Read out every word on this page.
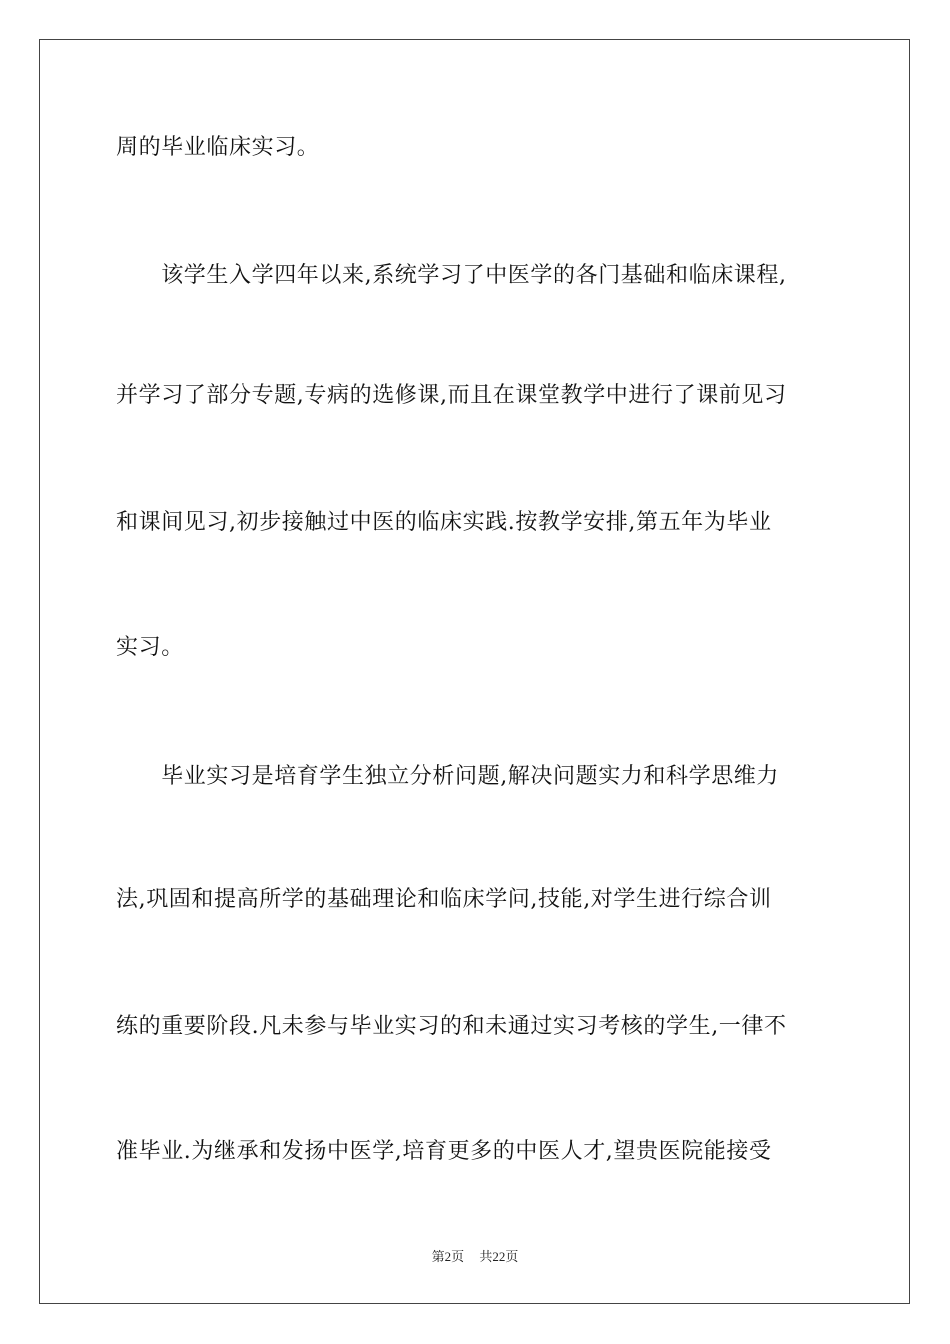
周的毕业临床实习。

　　该学生入学四年以来,系统学习了中医学的各门基础和临床课程,

并学习了部分专题,专病的选修课,而且在课堂教学中进行了课前见习

和课间见习,初步接触过中医的临床实践.按教学安排,第五年为毕业

实习。

　　毕业实习是培育学生独立分析问题,解决问题实力和科学思维力

法,巩固和提高所学的基础理论和临床学问,技能,对学生进行综合训

练的重要阶段.凡未参与毕业实习的和未通过实习考核的学生,一律不

准毕业.为继承和发扬中医学,培育更多的中医人才,望贵医院能接受

第2页 共22页
